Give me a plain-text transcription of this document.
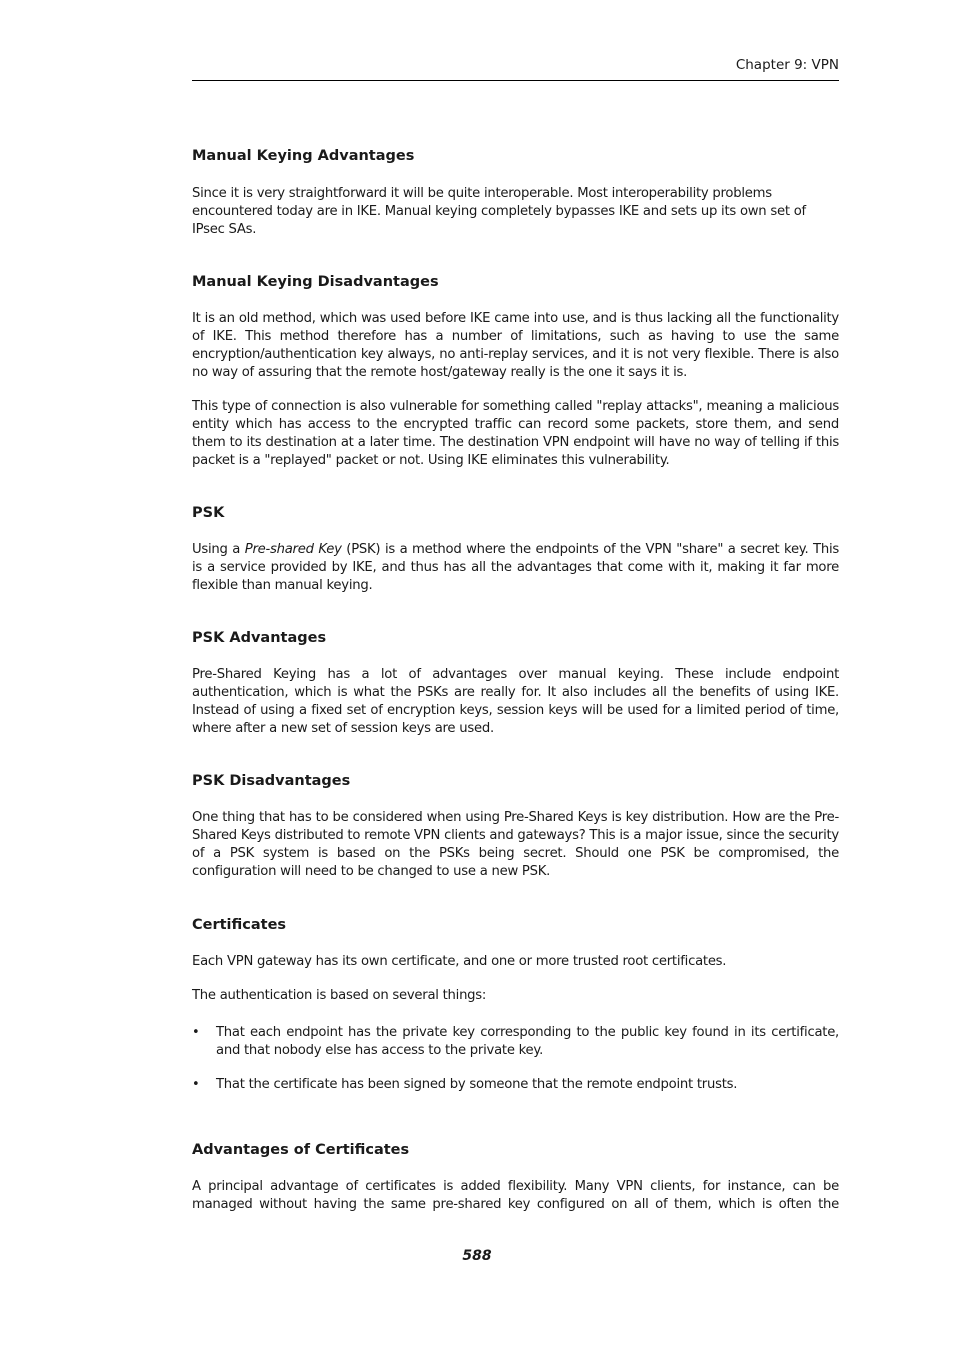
Chapter 9: VPN
Manual Keying Advantages

Since it is very straightforward it will be quite interoperable. Most interoperability problems encountered today are in IKE. Manual keying completely bypasses IKE and sets up its own set of IPsec SAs.

Manual Keying Disadvantages

It is an old method, which was used before IKE came into use, and is thus lacking all the functionality of IKE. This method therefore has a number of limitations, such as having to use the same encryption/authentication key always, no anti-replay services, and it is not very flexible. There is also no way of assuring that the remote host/gateway really is the one it says it is.

This type of connection is also vulnerable for something called "replay attacks", meaning a malicious entity which has access to the encrypted traffic can record some packets, store them, and send them to its destination at a later time. The destination VPN endpoint will have no way of telling if this packet is a "replayed" packet or not. Using IKE eliminates this vulnerability.

PSK

Using a Pre-shared Key (PSK) is a method where the endpoints of the VPN "share" a secret key. This is a service provided by IKE, and thus has all the advantages that come with it, making it far more flexible than manual keying.

PSK Advantages

Pre-Shared Keying has a lot of advantages over manual keying. These include endpoint authentication, which is what the PSKs are really for. It also includes all the benefits of using IKE. Instead of using a fixed set of encryption keys, session keys will be used for a limited period of time, where after a new set of session keys are used.

PSK Disadvantages

One thing that has to be considered when using Pre-Shared Keys is key distribution. How are the Pre-Shared Keys distributed to remote VPN clients and gateways? This is a major issue, since the security of a PSK system is based on the PSKs being secret. Should one PSK be compromised, the configuration will need to be changed to use a new PSK.

Certificates

Each VPN gateway has its own certificate, and one or more trusted root certificates.

The authentication is based on several things:

• That each endpoint has the private key corresponding to the public key found in its certificate, and that nobody else has access to the private key.
• That the certificate has been signed by someone that the remote endpoint trusts.
Advantages of Certificates

A principal advantage of certificates is added flexibility. Many VPN clients, for instance, can be managed without having the same pre-shared key configured on all of them, which is often the

588
